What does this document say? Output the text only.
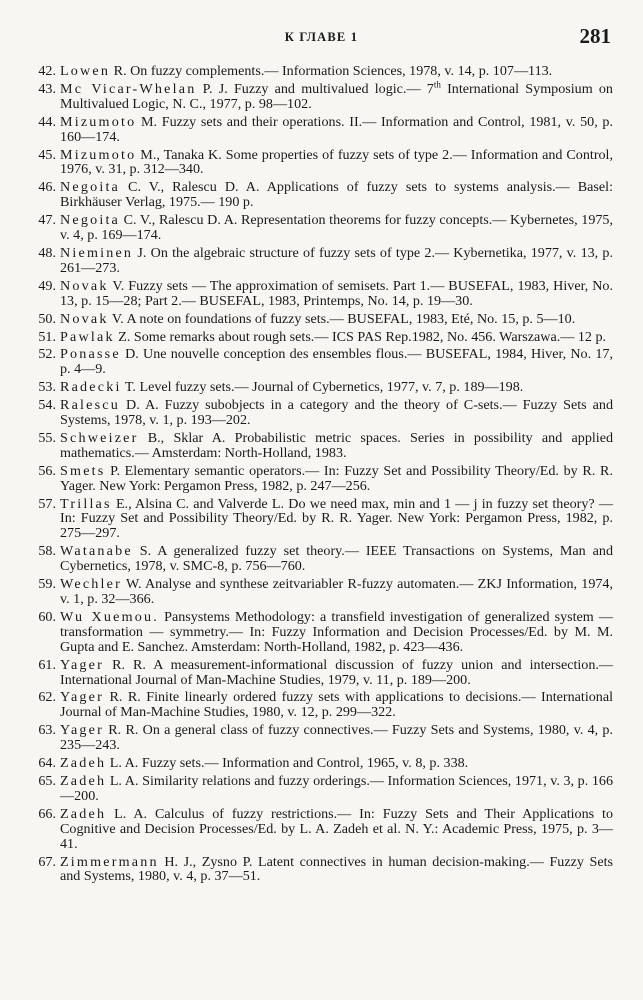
К ГЛАВЕ 1	281
42. Lowen R. On fuzzy complements.— Information Sciences, 1978, v. 14, p. 107—113.
43. Mc Vicar-Whelan P. J. Fuzzy and multivalued logic.— 7th International Symposium on Multivalued Logic, N. C., 1977, p. 98—102.
44. Mizumoto M. Fuzzy sets and their operations. II.— Information and Control, 1981, v. 50, p. 160—174.
45. Mizumoto M., Tanaka K. Some properties of fuzzy sets of type 2.— Information and Control, 1976, v. 31, p. 312—340.
46. Negoita C. V., Ralescu D. A. Applications of fuzzy sets to systems analysis.— Basel: Birkhäuser Verlag, 1975.— 190 p.
47. Negoita C. V., Ralescu D. A. Representation theorems for fuzzy concepts.— Kybernetes, 1975, v. 4, p. 169—174.
48. Nieminen J. On the algebraic structure of fuzzy sets of type 2.— Kybernetika, 1977, v. 13, p. 261—273.
49. Novak V. Fuzzy sets — The approximation of semisets. Part 1.— BUSEFAL, 1983, Hiver, No. 13, p. 15—28; Part 2.— BUSEFAL, 1983, Printemps, No. 14, p. 19—30.
50. Novak V. A note on foundations of fuzzy sets.— BUSEFAL, 1983, Eté, No. 15, p. 5—10.
51. Pawlak Z. Some remarks about rough sets.— ICS PAS Rep.1982, No. 456. Warszawa.— 12 p.
52. Ponasse D. Une nouvelle conception des ensembles flous.— BUSEFAL, 1984, Hiver, No. 17, p. 4—9.
53. Radecki T. Level fuzzy sets.— Journal of Cybernetics, 1977, v. 7, p. 189—198.
54. Ralescu D. A. Fuzzy subobjects in a category and the theory of C-sets.— Fuzzy Sets and Systems, 1978, v. 1, p. 193—202.
55. Schweizer B., Sklar A. Probabilistic metric spaces. Series in possibility and applied mathematics.— Amsterdam: North-Holland, 1983.
56. Smets P. Elementary semantic operators.— In: Fuzzy Set and Possibility Theory/Ed. by R. R. Yager. New York: Pergamon Press, 1982, p. 247—256.
57. Trillas E., Alsina C. and Valverde L. Do we need max, min and 1 — j in fuzzy set theory? — In: Fuzzy Set and Possibility Theory/Ed. by R. R. Yager. New York: Pergamon Press, 1982, p. 275—297.
58. Watanabe S. A generalized fuzzy set theory.— IEEE Transactions on Systems, Man and Cybernetics, 1978, v. SMC-8, p. 756—760.
59. Wechler W. Analyse and synthese zeitvariabler R-fuzzy automaten.— ZKJ Information, 1974, v. 1, p. 32—366.
60. Wu Xuemou. Pansystems Methodology: a transfield investigation of generalized system — transformation — symmetry.— In: Fuzzy Information and Decision Processes/Ed. by M. M. Gupta and E. Sanchez. Amsterdam: North-Holland, 1982, p. 423—436.
61. Yager R. R. A measurement-informational discussion of fuzzy union and intersection.— International Journal of Man-Machine Studies, 1979, v. 11, p. 189—200.
62. Yager R. R. Finite linearly ordered fuzzy sets with applications to decisions.— International Journal of Man-Machine Studies, 1980, v. 12, p. 299—322.
63. Yager R. R. On a general class of fuzzy connectives.— Fuzzy Sets and Systems, 1980, v. 4, p. 235—243.
64. Zadeh L. A. Fuzzy sets.— Information and Control, 1965, v. 8, p. 338.
65. Zadeh L. A. Similarity relations and fuzzy orderings.— Information Sciences, 1971, v. 3, p. 166—200.
66. Zadeh L. A. Calculus of fuzzy restrictions.— In: Fuzzy Sets and Their Applications to Cognitive and Decision Processes/Ed. by L. A. Zadeh et al. N. Y.: Academic Press, 1975, p. 3—41.
67. Zimmermann H. J., Zysno P. Latent connectives in human decision-making.— Fuzzy Sets and Systems, 1980, v. 4, p. 37—51.
